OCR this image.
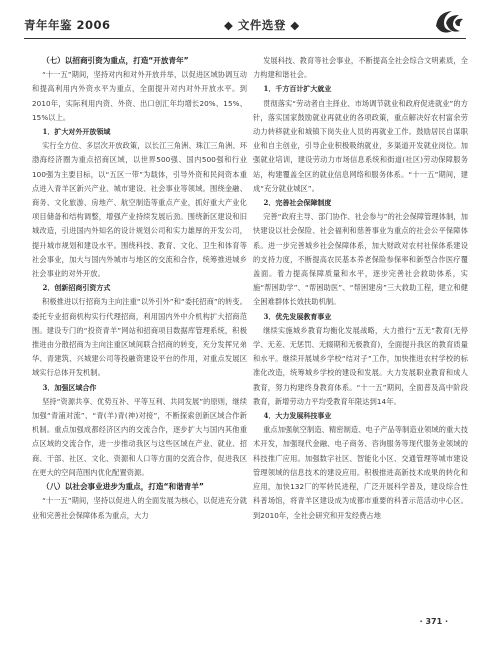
青年年鉴 2006	◆ 文件选登 ◆

（七）以招商引资为重点，打造“开放青年”

“十一五”期间，坚持对内和对外开放并举，以促进区域协调互动和提高利用内外资水平为重点，全面提升对内对外开放水平。到2010年，实际利用内资、外资、出口创汇年均增长20%、15%、15%以上。

1．扩大对外开放领域

实行全方位、多层次开放政策，以长江三角洲、珠江三角洲、环渤海经济圈为重点招商区域，以世界500强、国内500强和行业100强为主要目标，以“五区一带”为载体，引导外资和民间资本重点进入青羊区新兴产业、城市建设、社会事业等领域。围绕金融、商务、文化旅游、房地产、航空制造等重点产业，抓好重大产业化项目储备和结构调整，增强产业持续发展后劲。围绕新区建设和旧城改造，引进国内外知名的设计规划公司和实力雄厚的开发公司，提升城市规划和建设水平。围绕科技、教育、文化、卫生和体育等社会事业，加大与国内外城市与地区的交流和合作，统筹推进城乡社会事业的对外开放。

2．创新招商引资方式

积极推进以行招商为主向注重“以外引外”和“委托招商”的转变。委托专业招商机构实行代理招商，利用国内外中介机构扩大招商范围。建设专门的“投资青羊”网站和招商项目数据库管理系统，积极推进由分散招商为主向注重区域间联合招商的转变，充分发挥兄弟华、青建筑、兴城建公司等投融资建设平台的作用，对重点发展区域实行总体开发机制。

3．加强区域合作

坚持“资源共享、优势互补、平等互利、共同发展”的原则，继续加强“青浦对流”、“青(羊)青(神)对接”，不断探索创新区域合作新机制。重点加强成都经济区内的交流合作，逐步扩大与国内其他重点区域的交流合作，进一步推动我区与这些区域在产业、就业、招商、干部、社区、文化、资源和人口等方面的交流合作，促进我区在更大的空间范围内优化配置资源。

（八）以社会事业进步为重点，打造“和谐青羊”

“十一五”期间，坚持以促进人的全面发展为核心，以促进充分就业和完善社会保障体系为重点，大力

发展科技、教育等社会事业，不断提高全社会综合文明素质，全力构建和谐社会。

1．千方百计扩大就业

贯彻落实“劳动者自主择业、市场调节就业和政府促进就业”的方针，落实国家鼓励就业再就业的各项政策，重点解决好农村富余劳动力转移就业和城镇下岗失业人员的再就业工作。鼓励居民自谋职业和自主创业，引导企业积极吸纳就业，多渠道开发就业岗位。加强就业培训，建设劳动力市场信息系统和街道(社区)劳动保障服务站，构建覆盖全区的就业信息网络和服务体系。“十一五”期间，建成“充分就业城区”。

2．完善社会保障制度

完善“政府主导、部门协作、社会参与”的社会保障管理体制，加快建设以社会保险、社会福利和慈善事业为重点的社会公平保障体系。进一步完善城乡社会保障体系，加大财政对农村社保体系建设的支持力度，不断提高农民基本养老保险参保率和新型合作医疗覆盖面。着力提高保障质量和水平，逐步完善社会救助体系，实施“帮困助学”、“帮困助医”、“帮困建房”三大救助工程，建立和健全困难群体长效扶助机制。

3．优先发展教育事业

继续实施城乡教育均衡化发展战略，大力推行“五无”教育(无停学、无差、无惩罚、无辍期和无极教育)，全面提升我区的教育质量和水平。继续开展城乡学校“结对子”工作，加快推进农村学校的标准化改造，统筹城乡学校的建设和发展。大力发展职业教育和成人教育，努力构建终身教育体系。“十一五”期间，全面普及高中阶段教育，新增劳动力平均受教育年限达到14年。

4．大力发展科技事业

重点加强航空制造、精密制造、电子产品等制造业领域的重大技术开发，加强现代金融、电子商务、咨询服务等现代服务业领域的科技推广应用。加强数字社区、智能化小区、交通管理等城市建设管理领域的信息技术的建设应用。积极推进高新技术成果的转化和应用，加快132厂的军转民进程，广泛开展科学普及，建设综合性科普场馆，将青羊区建设成为成都市重要的科普示范活动中心区。到2010年，全社会研究和开发经费占地

· 371 ·
